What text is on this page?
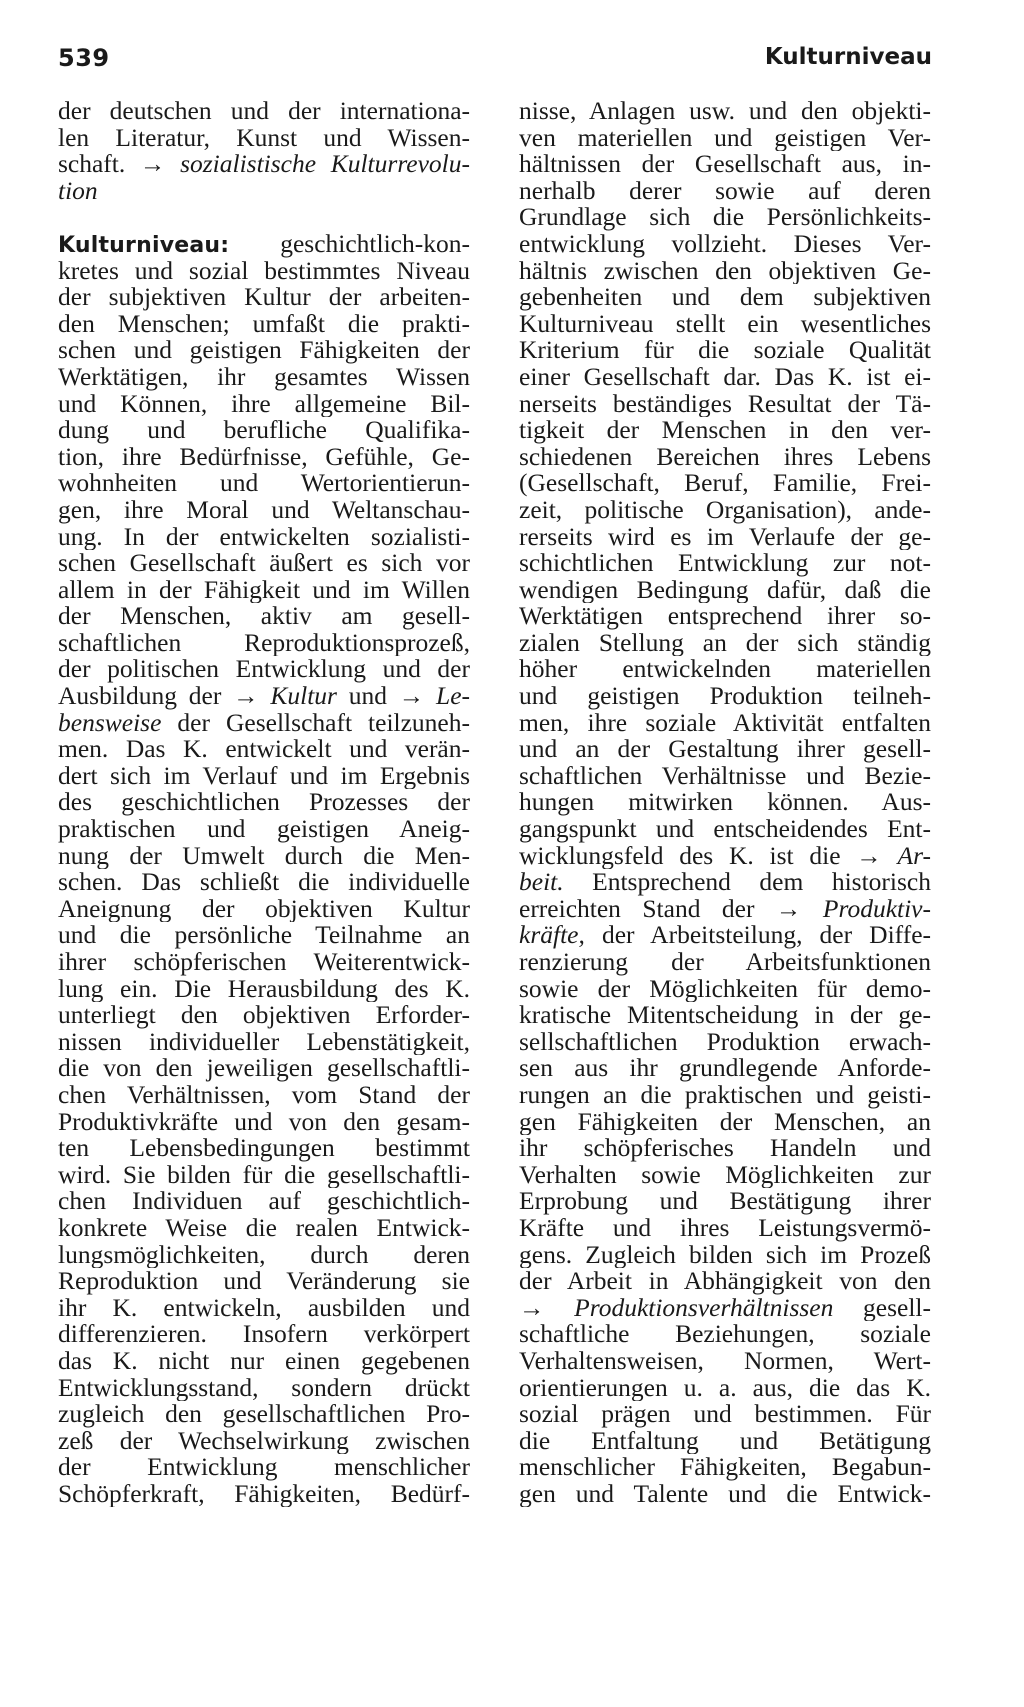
539	Kulturniveau
der deutschen und der internationa-
len Literatur, Kunst und Wissen-
schaft. → sozialistische Kulturrevolu-
tion
Kulturniveau: geschichtlich-kon-
kretes und sozial bestimmtes Niveau
der subjektiven Kultur der arbeiten-
den Menschen; umfaßt die prakti-
schen und geistigen Fähigkeiten der
Werktätigen, ihr gesamtes Wissen
und Können, ihre allgemeine Bil-
dung und berufliche Qualifika-
tion, ihre Bedürfnisse, Gefühle, Ge-
wohnheiten und Wertorientierun-
gen, ihre Moral und Weltanschau-
ung. In der entwickelten sozialisti-
schen Gesellschaft äußert es sich vor
allem in der Fähigkeit und im Willen
der Menschen, aktiv am gesell-
schaftlichen Reproduktionsprozeß,
der politischen Entwicklung und der
Ausbildung der → Kultur und → Le-
bensweise der Gesellschaft teilzuneh-
men. Das K. entwickelt und verän-
dert sich im Verlauf und im Ergebnis
des geschichtlichen Prozesses der
praktischen und geistigen Aneig-
nung der Umwelt durch die Men-
schen. Das schließt die individuelle
Aneignung der objektiven Kultur
und die persönliche Teilnahme an
ihrer schöpferischen Weiterentwick-
lung ein. Die Herausbildung des K.
unterliegt den objektiven Erforder-
nissen individueller Lebenstätigkeit,
die von den jeweiligen gesellschaftli-
chen Verhältnissen, vom Stand der
Produktivkräfte und von den gesam-
ten Lebensbedingungen bestimmt
wird. Sie bilden für die gesellschaftli-
chen Individuen auf geschichtlich-
konkrete Weise die realen Entwick-
lungsmöglichkeiten, durch deren
Reproduktion und Veränderung sie
ihr K. entwickeln, ausbilden und
differenzieren. Insofern verkörpert
das K. nicht nur einen gegebenen
Entwicklungsstand, sondern drückt
zugleich den gesellschaftlichen Pro-
zeß der Wechselwirkung zwischen
der Entwicklung menschlicher
Schöpferkraft, Fähigkeiten, Bedürf-
nisse, Anlagen usw. und den objekti-
ven materiellen und geistigen Ver-
hältnissen der Gesellschaft aus, in-
nerhalb derer sowie auf deren
Grundlage sich die Persönlichkeits-
entwicklung vollzieht. Dieses Ver-
hältnis zwischen den objektiven Ge-
gebenheiten und dem subjektiven
Kulturniveau stellt ein wesentliches
Kriterium für die soziale Qualität
einer Gesellschaft dar. Das K. ist ei-
nerseits beständiges Resultat der Tä-
tigkeit der Menschen in den ver-
schiedenen Bereichen ihres Lebens
(Gesellschaft, Beruf, Familie, Frei-
zeit, politische Organisation), ande-
rerseits wird es im Verlaufe der ge-
schichtlichen Entwicklung zur not-
wendigen Bedingung dafür, daß die
Werktätigen entsprechend ihrer so-
zialen Stellung an der sich ständig
höher entwickelnden materiellen
und geistigen Produktion teilneh-
men, ihre soziale Aktivität entfalten
und an der Gestaltung ihrer gesell-
schaftlichen Verhältnisse und Bezie-
hungen mitwirken können. Aus-
gangspunkt und entscheidendes Ent-
wicklungsfeld des K. ist die → Ar-
beit. Entsprechend dem historisch
erreichten Stand der → Produktiv-
kräfte, der Arbeitsteilung, der Diffe-
renzierung der Arbeitsfunktionen
sowie der Möglichkeiten für demo-
kratische Mitentscheidung in der ge-
sellschaftlichen Produktion erwach-
sen aus ihr grundlegende Anforde-
rungen an die praktischen und geisti-
gen Fähigkeiten der Menschen, an
ihr schöpferisches Handeln und
Verhalten sowie Möglichkeiten zur
Erprobung und Bestätigung ihrer
Kräfte und ihres Leistungsvermö-
gens. Zugleich bilden sich im Prozeß
der Arbeit in Abhängigkeit von den
→ Produktionsverhältnissen gesell-
schaftliche Beziehungen, soziale
Verhaltensweisen, Normen, Wert-
orientierungen u. a. aus, die das K.
sozial prägen und bestimmen. Für
die Entfaltung und Betätigung
menschlicher Fähigkeiten, Begabun-
gen und Talente und die Entwick-
